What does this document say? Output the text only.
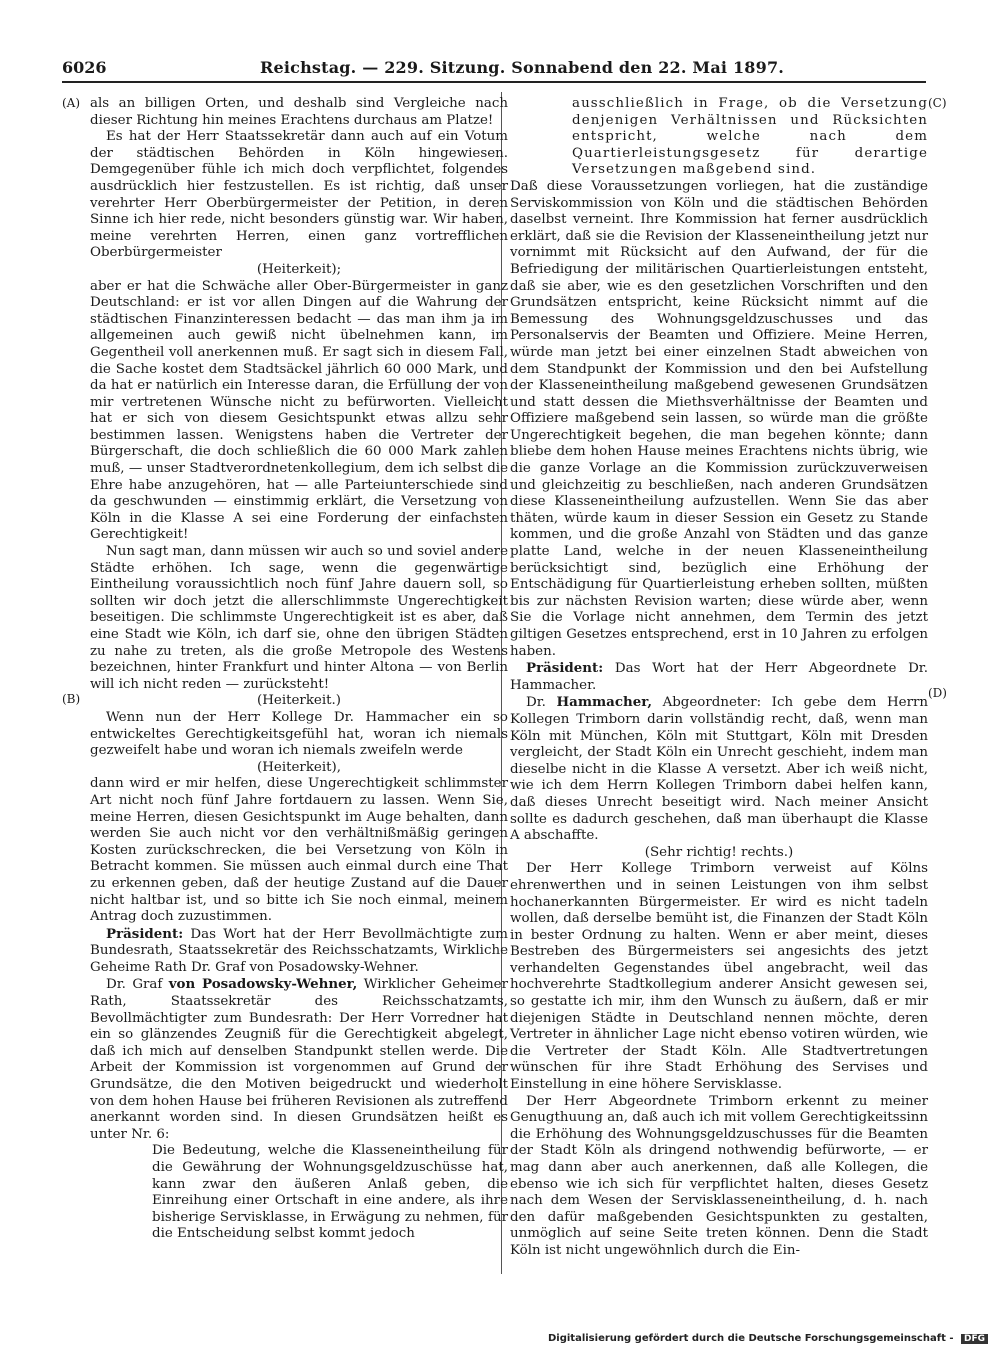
6026	Reichstag. — 229. Sitzung. Sonnabend den 22. Mai 1897.
(A)
(B)
(C)
(D)

als an billigen Orten, und deshalb sind Vergleiche nach dieser Richtung hin meines Erachtens durchaus am Platze!

Es hat der Herr Staatssekretär dann auch auf ein Votum der städtischen Behörden in Köln hingewiesen. Demgegenüber fühle ich mich doch verpflichtet, folgendes ausdrücklich hier festzustellen. Es ist richtig, daß unser verehrter Herr Oberbürgermeister der Petition, in deren Sinne ich hier rede, nicht besonders günstig war. Wir haben, meine verehrten Herren, einen ganz vortrefflichen Oberbürgermeister

(Heiterkeit);

aber er hat die Schwäche aller Ober-Bürgermeister in ganz Deutschland: er ist vor allen Dingen auf die Wahrung der städtischen Finanzinteressen bedacht — das man ihm ja im allgemeinen auch gewiß nicht übelnehmen kann, im Gegentheil voll anerkennen muß. Er sagt sich in diesem Fall, die Sache kostet dem Stadtsäckel jährlich 60 000 Mark, und da hat er natürlich ein Interesse daran, die Erfüllung der von mir vertretenen Wünsche nicht zu befürworten. Vielleicht hat er sich von diesem Gesichtspunkt etwas allzu sehr bestimmen lassen. Wenigstens haben die Vertreter der Bürgerschaft, die doch schließlich die 60 000 Mark zahlen muß, — unser Stadtverordnetenkollegium, dem ich selbst die Ehre habe anzugehören, hat — alle Parteiunterschiede sind da geschwunden — einstimmig erklärt, die Versetzung von Köln in die Klasse A sei eine Forderung der einfachsten Gerechtigkeit!

Nun sagt man, dann müssen wir auch so und soviel andere Städte erhöhen. Ich sage, wenn die gegenwärtige Eintheilung voraussichtlich noch fünf Jahre dauern soll, so sollten wir doch jetzt die allerschlimmste Ungerechtigkeit beseitigen. Die schlimmste Ungerechtigkeit ist es aber, daß eine Stadt wie Köln, ich darf sie, ohne den übrigen Städten zu nahe zu treten, als die große Metropole des Westens bezeichnen, hinter Frankfurt und hinter Altona — von Berlin will ich nicht reden — zurücksteht!

(Heiterkeit.)

Wenn nun der Herr Kollege Dr. Hammacher ein so entwickeltes Gerechtigkeitsgefühl hat, woran ich niemals gezweifelt habe und woran ich niemals zweifeln werde

(Heiterkeit),

dann wird er mir helfen, diese Ungerechtigkeit schlimmster Art nicht noch fünf Jahre fortdauern zu lassen. Wenn Sie, meine Herren, diesen Gesichtspunkt im Auge behalten, dann werden Sie auch nicht vor den verhältnißmäßig geringen Kosten zurückschrecken, die bei Versetzung von Köln in Betracht kommen. Sie müssen auch einmal durch eine That zu erkennen geben, daß der heutige Zustand auf die Dauer nicht haltbar ist, und so bitte ich Sie noch einmal, meinem Antrag doch zuzustimmen.

Präsident: Das Wort hat der Herr Bevollmächtigte zum Bundesrath, Staatssekretär des Reichsschatzamts, Wirkliche Geheime Rath Dr. Graf von Posadowsky-Wehner.

Dr. Graf von Posadowsky-Wehner, Wirklicher Geheimer Rath, Staatssekretär des Reichsschatzamts, Bevollmächtigter zum Bundesrath: Der Herr Vorredner hat ein so glänzendes Zeugniß für die Gerechtigkeit abgelegt, daß ich mich auf denselben Standpunkt stellen werde. Die Arbeit der Kommission ist vorgenommen auf Grund der Grundsätze, die den Motiven beigedruckt und wiederholt von dem hohen Hause bei früheren Revisionen als zutreffend anerkannt worden sind. In diesen Grundsätzen heißt es unter Nr. 6:

Die Bedeutung, welche die Klasseneintheilung für die Gewährung der Wohnungsgeldzuschüsse hat, kann zwar den äußeren Anlaß geben, die Einreihung einer Ortschaft in eine andere, als ihre bisherige Servisklasse, in Erwägung zu nehmen, für die Entscheidung selbst kommt jedoch

ausschließlich in Frage, ob die Versetzung denjenigen Verhältnissen und Rücksichten entspricht, welche nach dem Quartierleistungsgesetz für derartige Versetzungen maßgebend sind.

Daß diese Voraussetzungen vorliegen, hat die zuständige Serviskommission von Köln und die städtischen Behörden daselbst verneint. Ihre Kommission hat ferner ausdrücklich erklärt, daß sie die Revision der Klasseneintheilung jetzt nur vornimmt mit Rücksicht auf den Aufwand, der für die Befriedigung der militärischen Quartierleistungen entsteht, daß sie aber, wie es den gesetzlichen Vorschriften und den Grundsätzen entspricht, keine Rücksicht nimmt auf die Bemessung des Wohnungsgeldzuschusses und das Personalservis der Beamten und Offiziere. Meine Herren, würde man jetzt bei einer einzelnen Stadt abweichen von dem Standpunkt der Kommission und den bei Aufstellung der Klasseneintheilung maßgebend gewesenen Grundsätzen und statt dessen die Miethsverhältnisse der Beamten und Offiziere maßgebend sein lassen, so würde man die größte Ungerechtigkeit begehen, die man begehen könnte; dann bliebe dem hohen Hause meines Erachtens nichts übrig, wie die ganze Vorlage an die Kommission zurückzuverweisen und gleichzeitig zu beschließen, nach anderen Grundsätzen diese Klasseneintheilung aufzustellen. Wenn Sie das aber thäten, würde kaum in dieser Session ein Gesetz zu Stande kommen, und die große Anzahl von Städten und das ganze platte Land, welche in der neuen Klasseneintheilung berücksichtigt sind, bezüglich eine Erhöhung der Entschädigung für Quartierleistung erheben sollten, müßten bis zur nächsten Revision warten; diese würde aber, wenn Sie die Vorlage nicht annehmen, dem Termin des jetzt giltigen Gesetzes entsprechend, erst in 10 Jahren zu erfolgen haben.

Präsident: Das Wort hat der Herr Abgeordnete Dr. Hammacher.

Dr. Hammacher, Abgeordneter: Ich gebe dem Herrn Kollegen Trimborn darin vollständig recht, daß, wenn man Köln mit München, Köln mit Stuttgart, Köln mit Dresden vergleicht, der Stadt Köln ein Unrecht geschieht, indem man dieselbe nicht in die Klasse A versetzt. Aber ich weiß nicht, wie ich dem Herrn Kollegen Trimborn dabei helfen kann, daß dieses Unrecht beseitigt wird. Nach meiner Ansicht sollte es dadurch geschehen, daß man überhaupt die Klasse A abschaffte.

(Sehr richtig! rechts.)

Der Herr Kollege Trimborn verweist auf Kölns ehrenwerthen und in seinen Leistungen von ihm selbst hochanerkannten Bürgermeister. Er wird es nicht tadeln wollen, daß derselbe bemüht ist, die Finanzen der Stadt Köln in bester Ordnung zu halten. Wenn er aber meint, dieses Bestreben des Bürgermeisters sei angesichts des jetzt verhandelten Gegenstandes übel angebracht, weil das hochverehrte Stadtkollegium anderer Ansicht gewesen sei, so gestatte ich mir, ihm den Wunsch zu äußern, daß er mir diejenigen Städte in Deutschland nennen möchte, deren Vertreter in ähnlicher Lage nicht ebenso votiren würden, wie die Vertreter der Stadt Köln. Alle Stadtvertretungen wünschen für ihre Stadt Erhöhung des Servises und Einstellung in eine höhere Servisklasse.

Der Herr Abgeordnete Trimborn erkennt zu meiner Genugthuung an, daß auch ich mit vollem Gerechtigkeitssinn die Erhöhung des Wohnungsgeldzuschusses für die Beamten der Stadt Köln als dringend nothwendig befürworte, — er mag dann aber auch anerkennen, daß alle Kollegen, die ebenso wie ich sich für verpflichtet halten, dieses Gesetz nach dem Wesen der Servisklasseneintheilung, d. h. nach den dafür maßgebenden Gesichtspunkten zu gestalten, unmöglich auf seine Seite treten können. Denn die Stadt Köln ist nicht ungewöhnlich durch die Ein-

Digitalisierung gefördert durch die Deutsche Forschungsgemeinschaft - DFG
